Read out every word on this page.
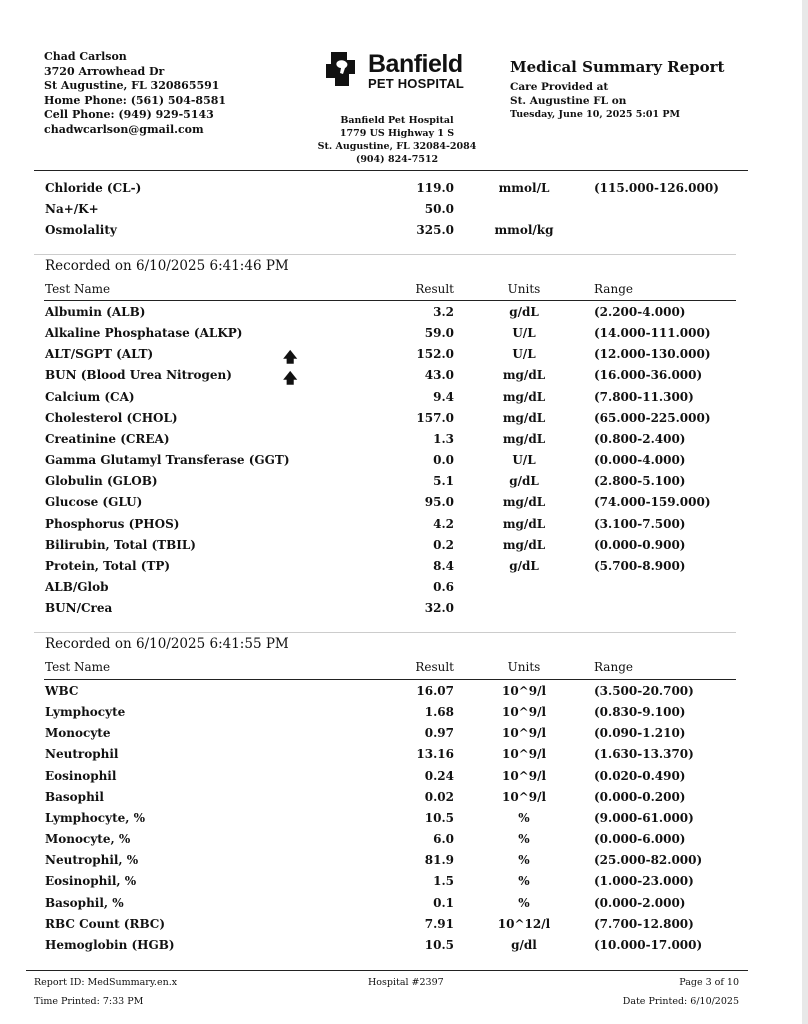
Chad Carlson
3720 Arrowhead Dr
St Augustine, FL 320865591
Home Phone: (561) 504-8581
Cell Phone: (949) 929-5143
chadwcarlson@gmail.com
Banfield
PET HOSPITAL
Banfield Pet Hospital
1779 US Highway 1 S
St. Augustine, FL 32084-2084
(904) 824-7512
Medical Summary Report
Care Provided at
St. Augustine FL on
Tuesday, June 10, 2025 5:01 PM
Chloride (CL-)	119.0	mmol/L	(115.000-126.000)
Na+/K+	50.0
Osmolality	325.0	mmol/kg
Recorded on 6/10/2025 6:41:46 PM
Test Name	Result	Units	Range
Albumin (ALB)	3.2	g/dL	(2.200-4.000)
Alkaline Phosphatase (ALKP)	59.0	U/L	(14.000-111.000)
ALT/SGPT (ALT)	🡅	152.0	U/L	(12.000-130.000)
BUN (Blood Urea Nitrogen)	🡅	43.0	mg/dL	(16.000-36.000)
Calcium (CA)	9.4	mg/dL	(7.800-11.300)
Cholesterol (CHOL)	157.0	mg/dL	(65.000-225.000)
Creatinine (CREA)	1.3	mg/dL	(0.800-2.400)
Gamma Glutamyl Transferase (GGT)	0.0	U/L	(0.000-4.000)
Globulin (GLOB)	5.1	g/dL	(2.800-5.100)
Glucose (GLU)	95.0	mg/dL	(74.000-159.000)
Phosphorus (PHOS)	4.2	mg/dL	(3.100-7.500)
Bilirubin, Total (TBIL)	0.2	mg/dL	(0.000-0.900)
Protein, Total (TP)	8.4	g/dL	(5.700-8.900)
ALB/Glob	0.6
BUN/Crea	32.0
Recorded on 6/10/2025 6:41:55 PM
Test Name	Result	Units	Range
WBC	16.07	10^9/l	(3.500-20.700)
Lymphocyte	1.68	10^9/l	(0.830-9.100)
Monocyte	0.97	10^9/l	(0.090-1.210)
Neutrophil	13.16	10^9/l	(1.630-13.370)
Eosinophil	0.24	10^9/l	(0.020-0.490)
Basophil	0.02	10^9/l	(0.000-0.200)
Lymphocyte, %	10.5	%	(9.000-61.000)
Monocyte, %	6.0	%	(0.000-6.000)
Neutrophil, %	81.9	%	(25.000-82.000)
Eosinophil, %	1.5	%	(1.000-23.000)
Basophil, %	0.1	%	(0.000-2.000)
RBC Count (RBC)	7.91	10^12/l	(7.700-12.800)
Hemoglobin (HGB)	10.5	g/dl	(10.000-17.000)
Report ID: MedSummary.en.x
Time Printed: 7:33 PM
Hospital #2397	Page 3 of 10
Date Printed: 6/10/2025
